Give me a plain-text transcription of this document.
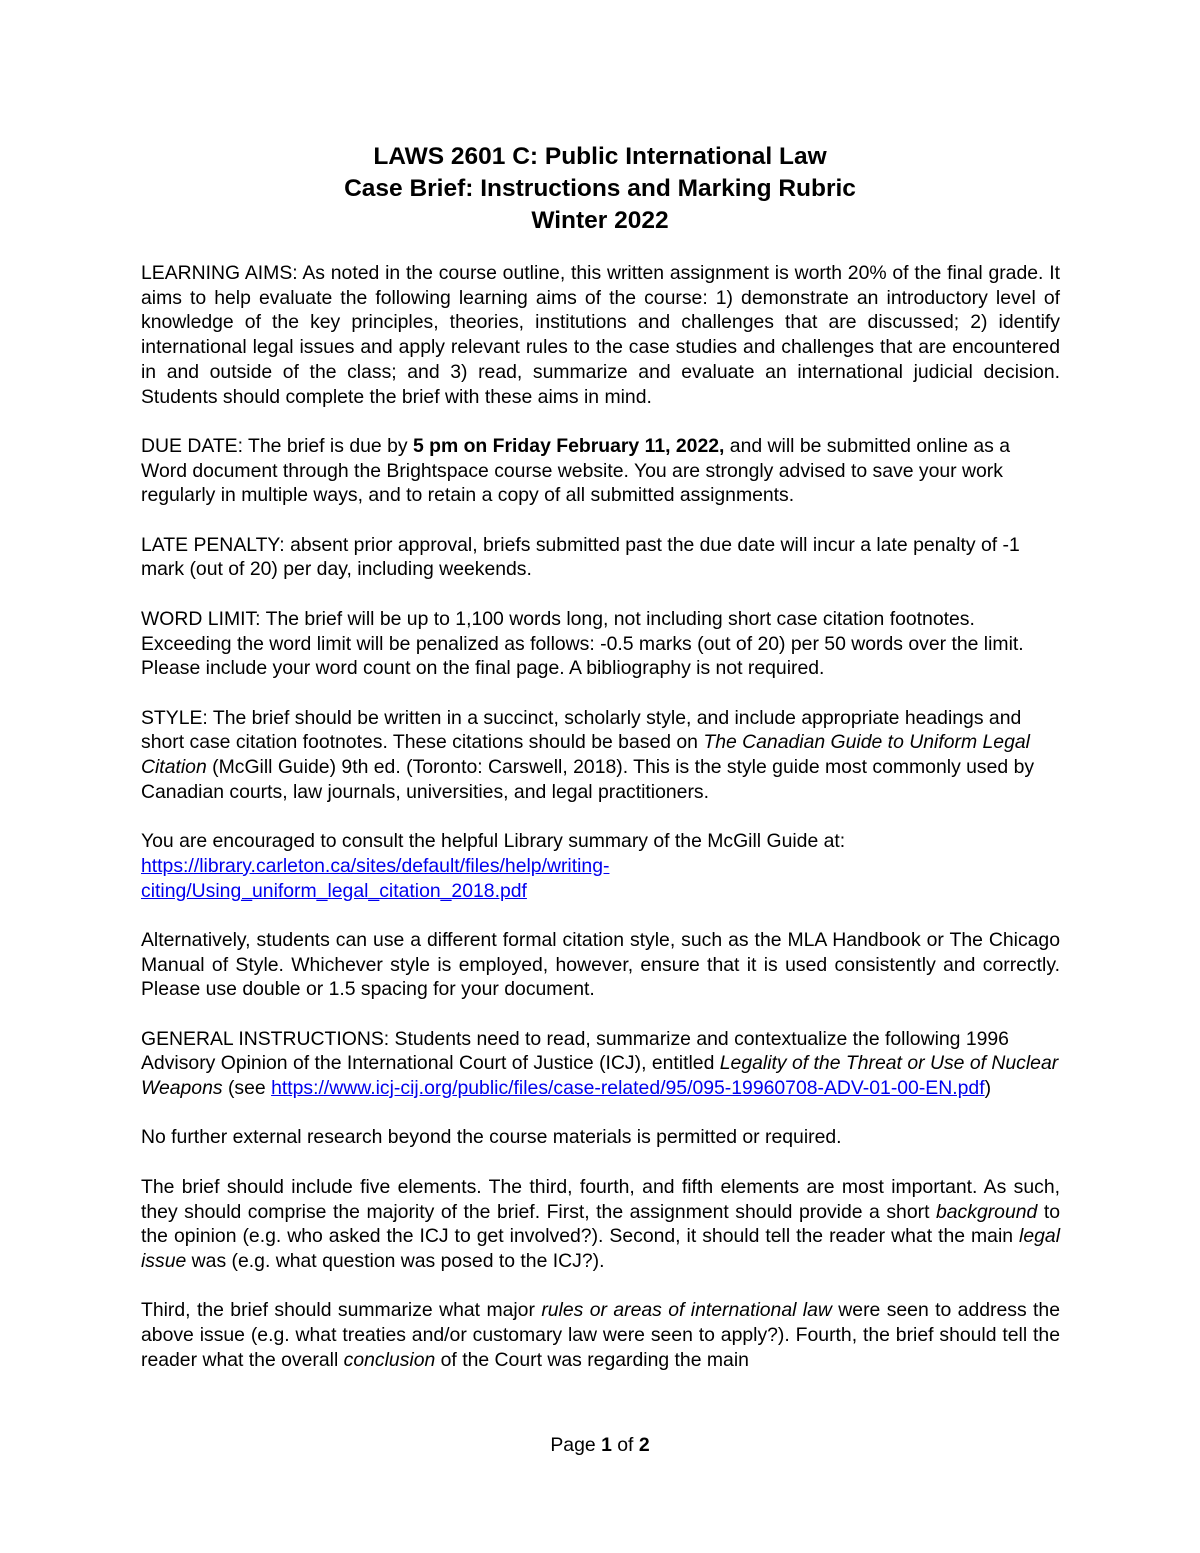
LAWS 2601 C: Public International Law
Case Brief: Instructions and Marking Rubric
Winter 2022

LEARNING AIMS: As noted in the course outline, this written assignment is worth 20% of the final grade. It aims to help evaluate the following learning aims of the course: 1) demonstrate an introductory level of knowledge of the key principles, theories, institutions and challenges that are discussed; 2) identify international legal issues and apply relevant rules to the case studies and challenges that are encountered in and outside of the class; and 3) read, summarize and evaluate an international judicial decision. Students should complete the brief with these aims in mind.

DUE DATE: The brief is due by 5 pm on Friday February 11, 2022, and will be submitted online as a Word document through the Brightspace course website. You are strongly advised to save your work regularly in multiple ways, and to retain a copy of all submitted assignments.

LATE PENALTY: absent prior approval, briefs submitted past the due date will incur a late penalty of -1 mark (out of 20) per day, including weekends.

WORD LIMIT: The brief will be up to 1,100 words long, not including short case citation footnotes. Exceeding the word limit will be penalized as follows: -0.5 marks (out of 20) per 50 words over the limit. Please include your word count on the final page. A bibliography is not required.

STYLE: The brief should be written in a succinct, scholarly style, and include appropriate headings and short case citation footnotes. These citations should be based on The Canadian Guide to Uniform Legal Citation (McGill Guide) 9th ed. (Toronto: Carswell, 2018). This is the style guide most commonly used by Canadian courts, law journals, universities, and legal practitioners.

You are encouraged to consult the helpful Library summary of the McGill Guide at:
https://library.carleton.ca/sites/default/files/help/writing-
citing/Using_uniform_legal_citation_2018.pdf

Alternatively, students can use a different formal citation style, such as the MLA Handbook or The Chicago Manual of Style. Whichever style is employed, however, ensure that it is used consistently and correctly. Please use double or 1.5 spacing for your document.

GENERAL INSTRUCTIONS: Students need to read, summarize and contextualize the following 1996 Advisory Opinion of the International Court of Justice (ICJ), entitled Legality of the Threat or Use of Nuclear Weapons (see https://www.icj-cij.org/public/files/case-related/95/095-19960708-ADV-01-00-EN.pdf)

No further external research beyond the course materials is permitted or required.

The brief should include five elements. The third, fourth, and fifth elements are most important. As such, they should comprise the majority of the brief. First, the assignment should provide a short background to the opinion (e.g. who asked the ICJ to get involved?). Second, it should tell the reader what the main legal issue was (e.g. what question was posed to the ICJ?).

Third, the brief should summarize what major rules or areas of international law were seen to address the above issue (e.g. what treaties and/or customary law were seen to apply?). Fourth, the brief should tell the reader what the overall conclusion of the Court was regarding the main

Page 1 of 2
